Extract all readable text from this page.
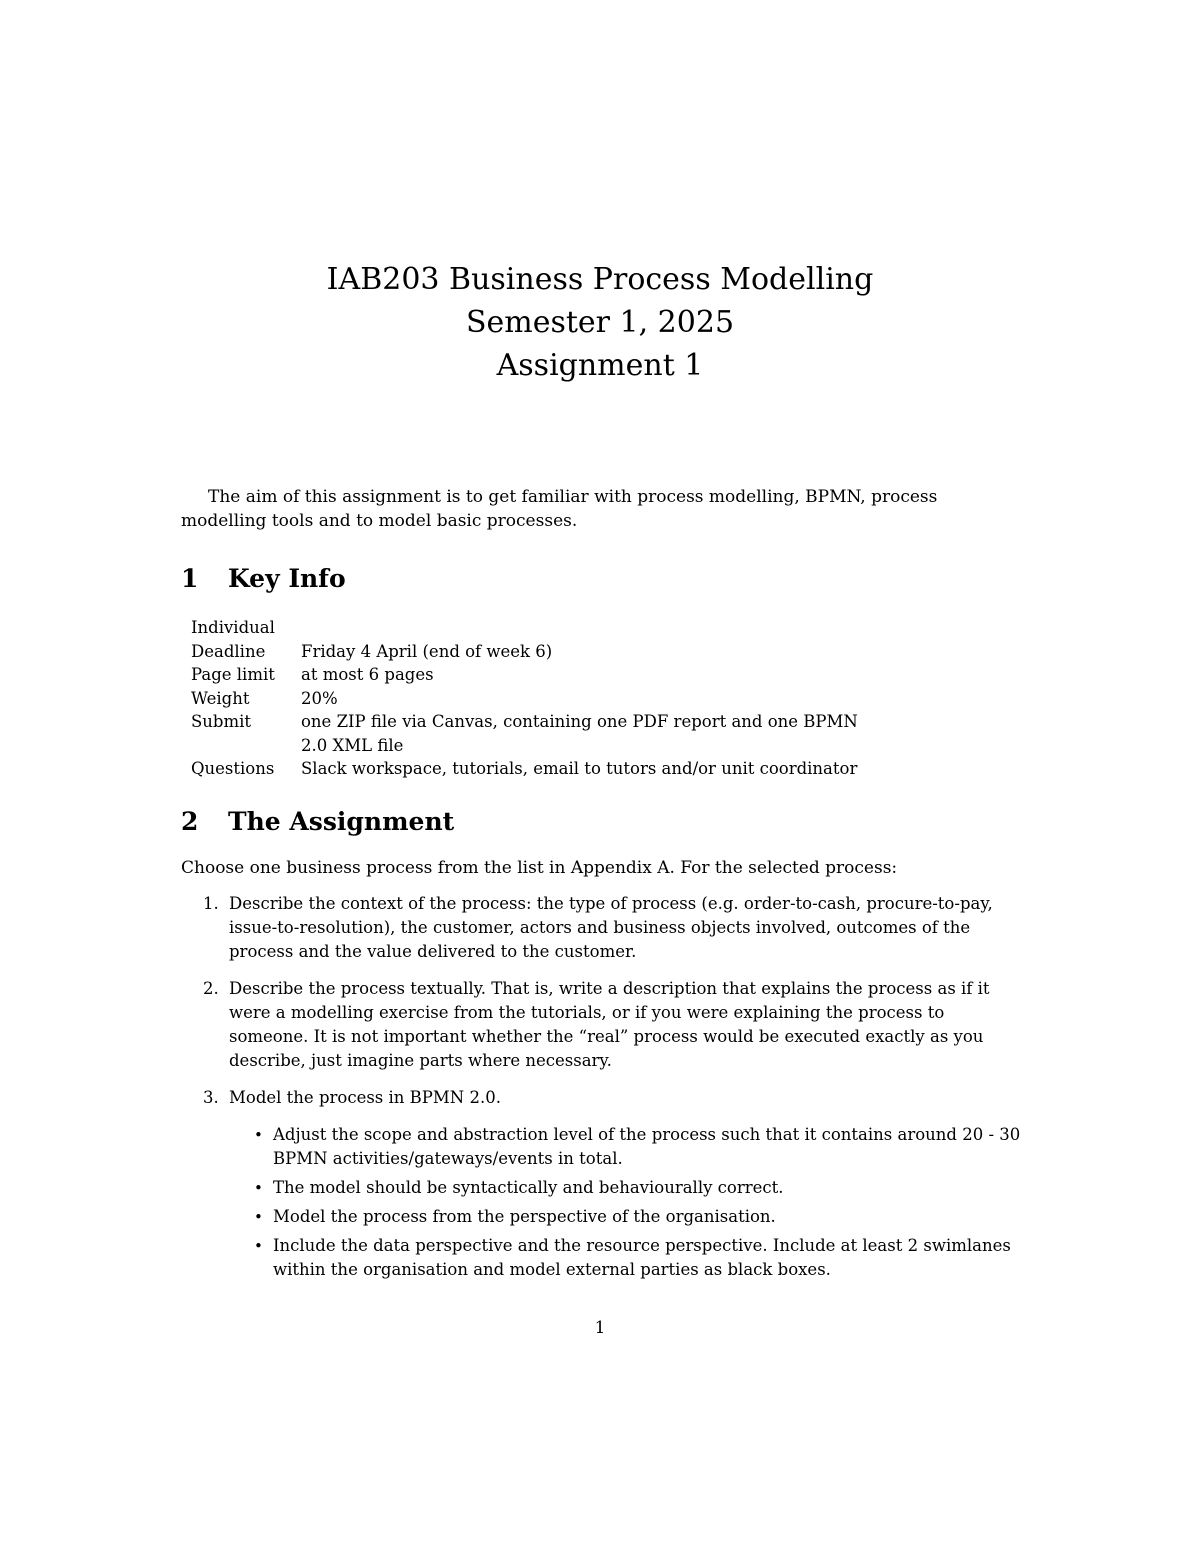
IAB203 Business Process Modelling
Semester 1, 2025
Assignment 1

The aim of this assignment is to get familiar with process modelling, BPMN, process modelling tools and to model basic processes.

1 Key Info
Individual	
Deadline	Friday 4 April (end of week 6)
Page limit	at most 6 pages
Weight	20%
Submit	one ZIP file via Canvas, containing one PDF report and one BPMN 2.0 XML file
Questions	Slack workspace, tutorials, email to tutors and/or unit coordinator
2 The Assignment

Choose one business process from the list in Appendix A. For the selected process:

1. Describe the context of the process: the type of process (e.g. order-to-cash, procure-to-pay, issue-to-resolution), the customer, actors and business objects involved, outcomes of the process and the value delivered to the customer.
2. Describe the process textually. That is, write a description that explains the process as if it were a modelling exercise from the tutorials, or if you were explaining the process to someone. It is not important whether the “real” process would be executed exactly as you describe, just imagine parts where necessary.
3. Model the process in BPMN 2.0.
• Adjust the scope and abstraction level of the process such that it contains around 20 - 30 BPMN activities/gateways/events in total.
• The model should be syntactically and behaviourally correct.
• Model the process from the perspective of the organisation.
• Include the data perspective and the resource perspective. Include at least 2 swimlanes within the organisation and model external parties as black boxes.
1
